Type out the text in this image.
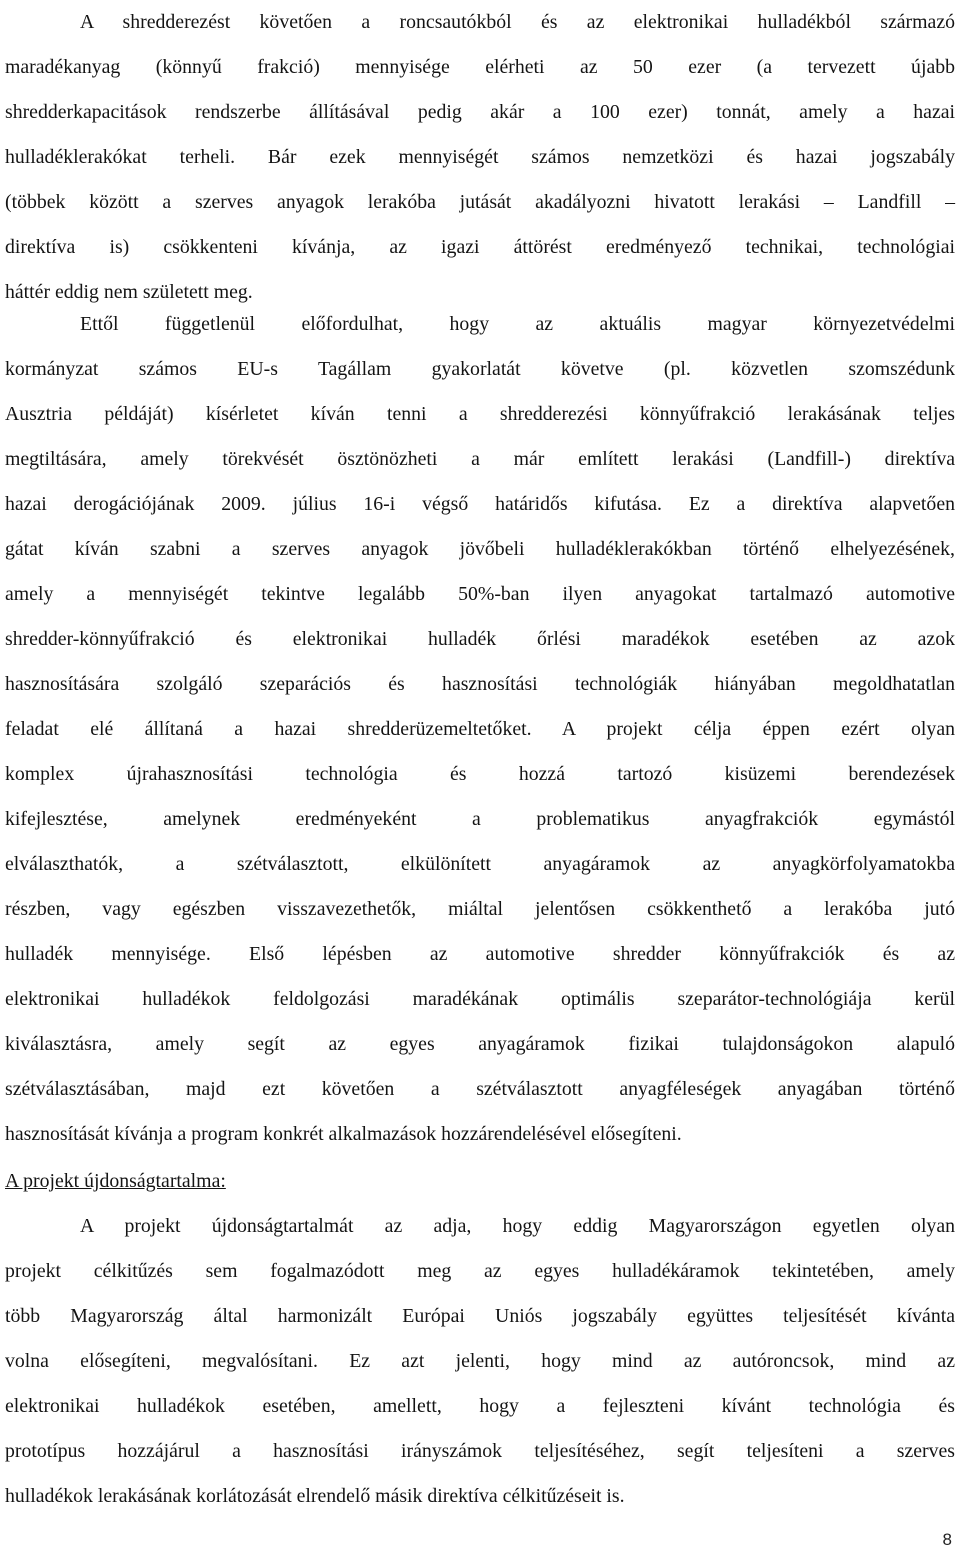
A shredderezést követően a roncsautókból és az elektronikai hulladékból származó
maradékanyag (könnyű frakció) mennyisége elérheti az 50 ezer (a tervezett újabb
shredderkapacitások rendszerbe állításával pedig akár a 100 ezer) tonnát, amely a hazai
hulladéklerakókat terheli. Bár ezek mennyiségét számos nemzetközi és hazai jogszabály
(többek között a szerves anyagok lerakóba jutását akadályozni hivatott lerakási – Landfill –
direktíva is) csökkenteni kívánja, az igazi áttörést eredményező technikai, technológiai
háttér eddig nem született meg.
Ettől függetlenül előfordulhat, hogy az aktuális magyar környezetvédelmi
kormányzat számos EU-s Tagállam gyakorlatát követve (pl. közvetlen szomszédunk
Ausztria példáját) kísérletet kíván tenni a shredderezési könnyűfrakció lerakásának teljes
megtiltására, amely törekvését ösztönözheti a már említett lerakási (Landfill-) direktíva
hazai derogációjának 2009. július 16-i végső határidős kifutása. Ez a direktíva alapvetően
gátat kíván szabni a szerves anyagok jövőbeli hulladéklerakókban történő elhelyezésének,
amely a mennyiségét tekintve legalább 50%-ban ilyen anyagokat tartalmazó automotive
shredder-könnyűfrakció és elektronikai hulladék őrlési maradékok esetében az azok
hasznosítására szolgáló szeparációs és hasznosítási technológiák hiányában megoldhatatlan
feladat elé állítaná a hazai shredderüzemeltetőket. A projekt célja éppen ezért olyan
komplex újrahasznosítási technológia és hozzá tartozó kisüzemi berendezések
kifejlesztése, amelynek eredményeként a problematikus anyagfrakciók egymástól
elválaszthatók, a szétválasztott, elkülönített anyagáramok az anyagkörfolyamatokba
részben, vagy egészben visszavezethetők, miáltal jelentősen csökkenthető a lerakóba jutó
hulladék mennyisége. Első lépésben az automotive shredder könnyűfrakciók és az
elektronikai hulladékok feldolgozási maradékának optimális szeparátor-technológiája kerül
kiválasztásra, amely segít az egyes anyagáramok fizikai tulajdonságokon alapuló
szétválasztásában, majd ezt követően a szétválasztott anyagféleségek anyagában történő
hasznosítását kívánja a program konkrét alkalmazások hozzárendelésével elősegíteni.

A projekt újdonságtartalma:

A projekt újdonságtartalmát az adja, hogy eddig Magyarországon egyetlen olyan
projekt célkitűzés sem fogalmazódott meg az egyes hulladékáramok tekintetében, amely
több Magyarország által harmonizált Európai Uniós jogszabály együttes teljesítését kívánta
volna elősegíteni, megvalósítani. Ez azt jelenti, hogy mind az autóroncsok, mind az
elektronikai hulladékok esetében, amellett, hogy a fejleszteni kívánt technológia és
prototípus hozzájárul a hasznosítási irányszámok teljesítéséhez, segít teljesíteni a szerves
hulladékok lerakásának korlátozását elrendelő másik direktíva célkitűzéseit is.

8
